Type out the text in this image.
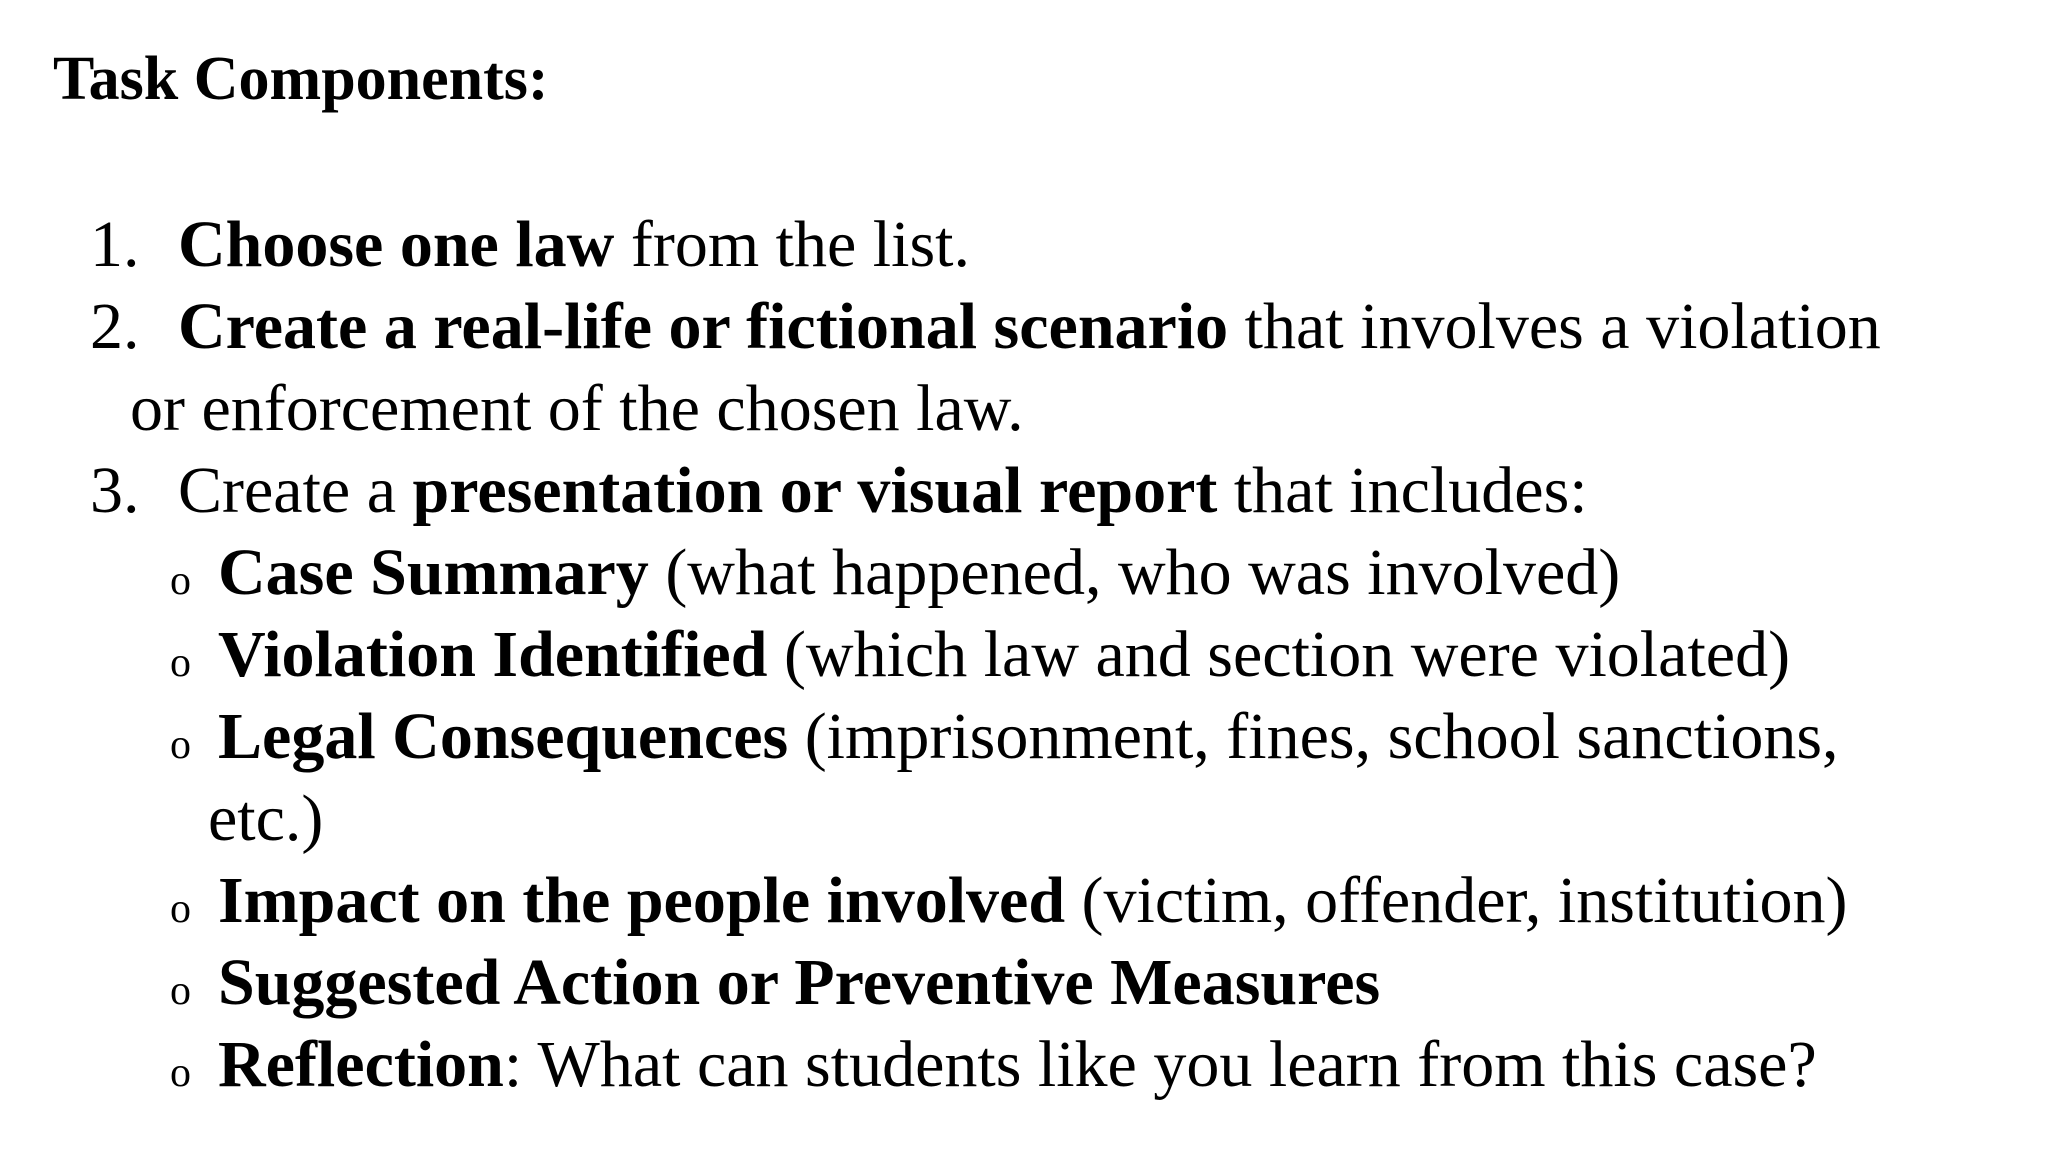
Task Components:
1. Choose one law from the list.
2. Create a real-life or fictional scenario that involves a violation
or enforcement of the chosen law.
3. Create a presentation or visual report that includes:
o Case Summary (what happened, who was involved)
o Violation Identified (which law and section were violated)
o Legal Consequences (imprisonment, fines, school sanctions,
etc.)
o Impact on the people involved (victim, offender, institution)
o Suggested Action or Preventive Measures
o Reflection: What can students like you learn from this case?
